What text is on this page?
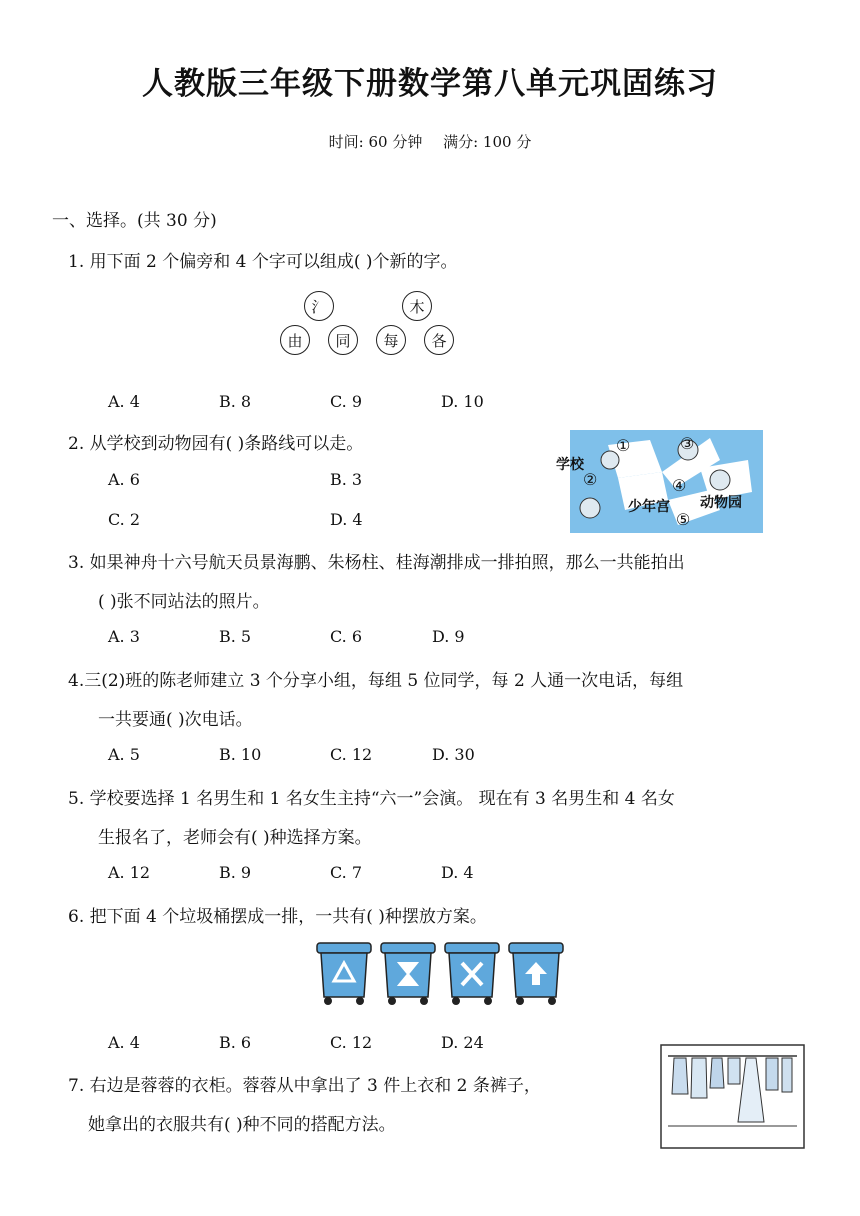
人教版三年级下册数学第八单元巩固练习
时间: 60 分钟 满分: 100 分
一、选择。(共 30 分)
1. 用下面 2 个偏旁和 4 个字可以组成( )个新的字。
氵	木
由	同	每	各
A. 4	B. 8	C. 9	D. 10
2. 从学校到动物园有( )条路线可以走。
A. 6	B. 3
C. 2	D. 4
学校
少年宫 动物园
①
②
③
④
⑤
3. 如果神舟十六号航天员景海鹏、朱杨柱、桂海潮排成一排拍照，那么一共能拍出
( )张不同站法的照片。
A. 3	B. 5	C. 6	D. 9
4.三(2)班的陈老师建立 3 个分享小组，每组 5 位同学，每 2 人通一次电话，每组
一共要通( )次电话。
A. 5	B. 10	C. 12	D. 30
5. 学校要选择 1 名男生和 1 名女生主持“六一”会演。 现在有 3 名男生和 4 名女
生报名了，老师会有( )种选择方案。
A. 12	B. 9	C. 7	D. 4
6. 把下面 4 个垃圾桶摆成一排，一共有( )种摆放方案。
A. 4	B. 6	C. 12	D. 24
7. 右边是蓉蓉的衣柜。蓉蓉从中拿出了 3 件上衣和 2 条裤子，
她拿出的衣服共有( )种不同的搭配方法。
